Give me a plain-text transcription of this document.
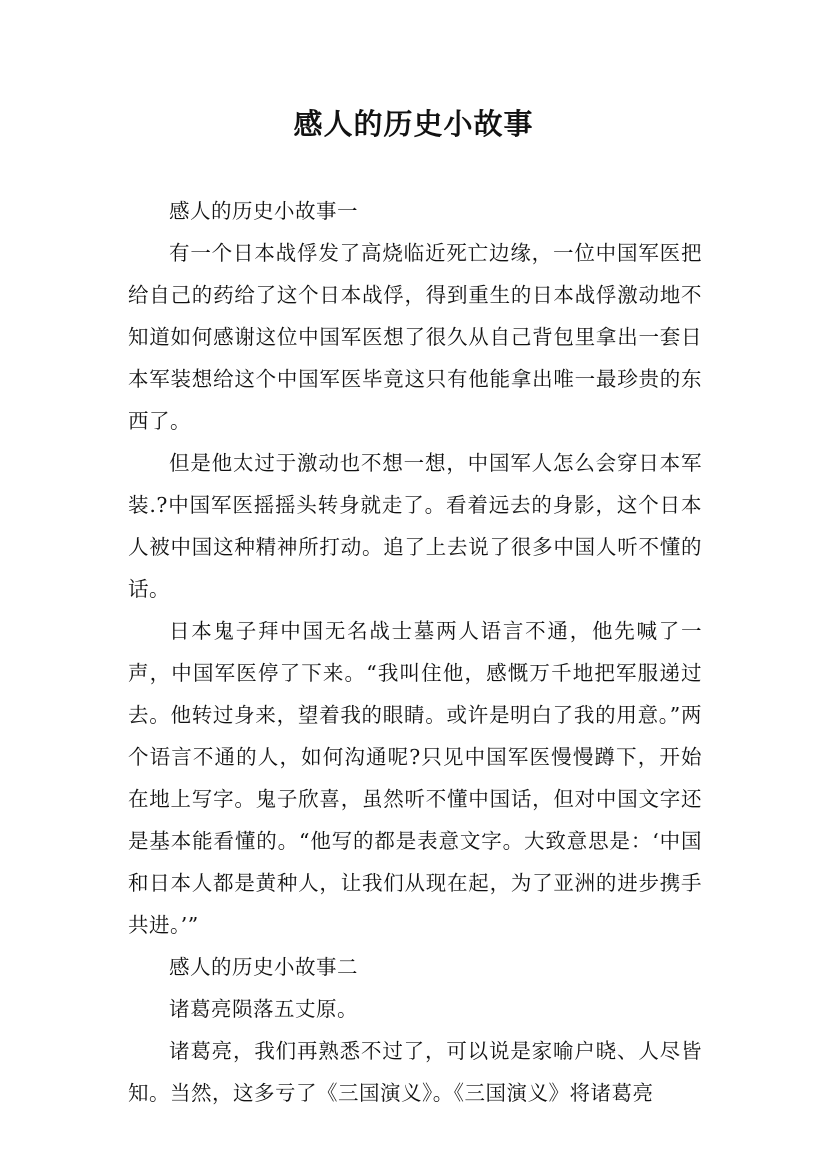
感人的历史小故事

感人的历史小故事一

有一个日本战俘发了高烧临近死亡边缘，一位中国军医把给自己的药给了这个日本战俘，得到重生的日本战俘激动地不知道如何感谢这位中国军医想了很久从自己背包里拿出一套日本军装想给这个中国军医毕竟这只有他能拿出唯一最珍贵的东西了。

但是他太过于激动也不想一想，中国军人怎么会穿日本军装.?中国军医摇摇头转身就走了。看着远去的身影，这个日本人被中国这种精神所打动。追了上去说了很多中国人听不懂的话。

日本鬼子拜中国无名战士墓两人语言不通，他先喊了一声，中国军医停了下来。“我叫住他，感慨万千地把军服递过去。他转过身来，望着我的眼睛。或许是明白了我的用意。”两个语言不通的人，如何沟通呢?只见中国军医慢慢蹲下，开始在地上写字。鬼子欣喜，虽然听不懂中国话，但对中国文字还是基本能看懂的。“他写的都是表意文字。大致意思是：‘中国和日本人都是黄种人，让我们从现在起，为了亚洲的进步携手共进。’”

感人的历史小故事二

诸葛亮陨落五丈原。

诸葛亮，我们再熟悉不过了，可以说是家喻户晓、人尽皆知。当然，这多亏了《三国演义》。《三国演义》将诸葛亮
